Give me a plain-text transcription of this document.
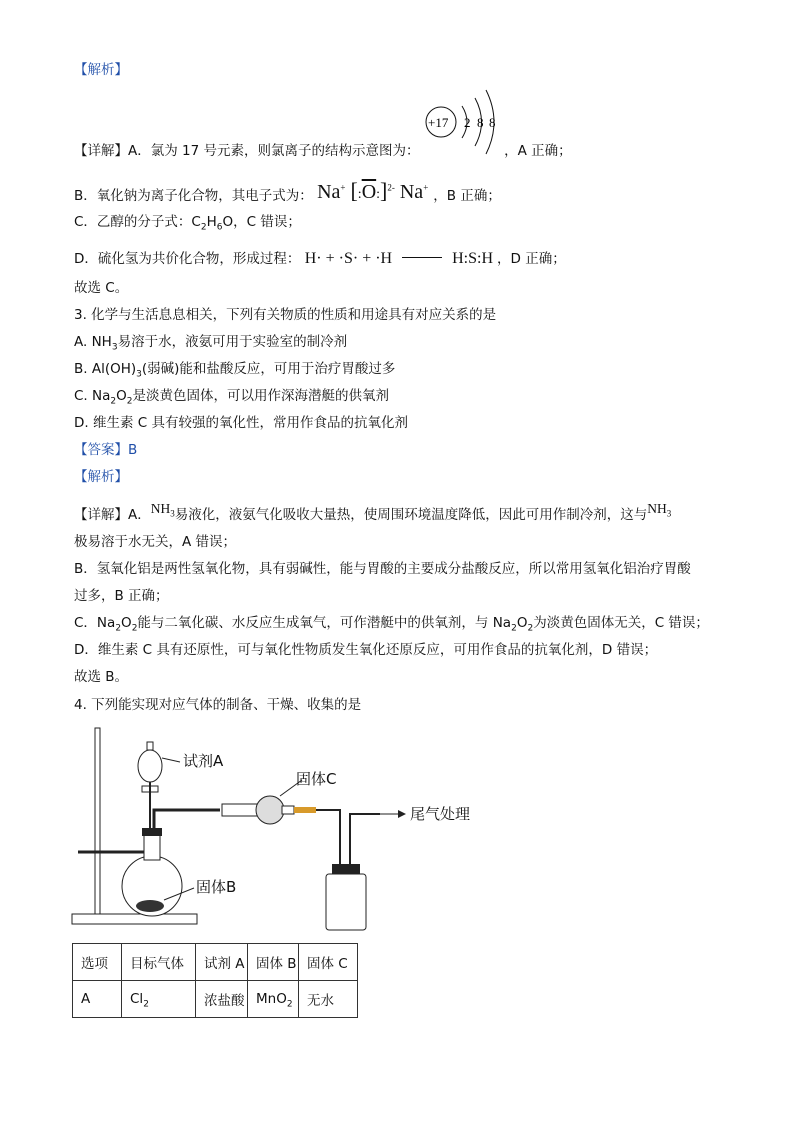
【解析】
+17 2 8 8
【详解】A．氯为 17 号元素，则氯离子的结构示意图为：	，A 正确；
B．氧化钠为离子化合物，其电子式为： Na+ $[:\overline{O}:]^{2-}$ Na+ ，B 正确；
C．乙醇的分子式：$C_2H_6O$，C 错误；
D．硫化氢为共价化合物，形成过程： H· + ·S· + ·H	H:S:H ，D 正确；
故选 C。
3. 化学与生活息息相关，下列有关物质的性质和用途具有对应关系的是
A. $NH_3$易溶于水，液氨可用于实验室的制冷剂
B. $Al(OH)_3$(弱碱)能和盐酸反应，可用于治疗胃酸过多
C. $Na_2O_2$是淡黄色固体，可以用作深海潜艇的供氧剂
D. 维生素 C 具有较强的氧化性，常用作食品的抗氧化剂
【答案】B
【解析】
【详解】A．$NH_3$易液化，液氨气化吸收大量热，使周围环境温度降低，因此可用作制冷剂，这与$NH_3$
极易溶于水无关，A 错误；
B．氢氧化铝是两性氢氧化物，具有弱碱性，能与胃酸的主要成分盐酸反应，所以常用氢氧化铝治疗胃酸
过多，B 正确；
C．$Na_2O_2$能与二氧化碳、水反应生成氧气，可作潜艇中的供氧剂，与 $Na_2O_2$为淡黄色固体无关，C 错误；
D．维生素 C 具有还原性，可与氧化性物质发生氧化还原反应，可用作食品的抗氧化剂，D 错误；
故选 B。
4. 下列能实现对应气体的制备、干燥、收集的是
试剂A
固体C
尾气处理
固体B
选项	目标气体	试剂 A	固体 B	固体 C
A	$Cl_2$	浓盐酸	MnO$_2$	无水
